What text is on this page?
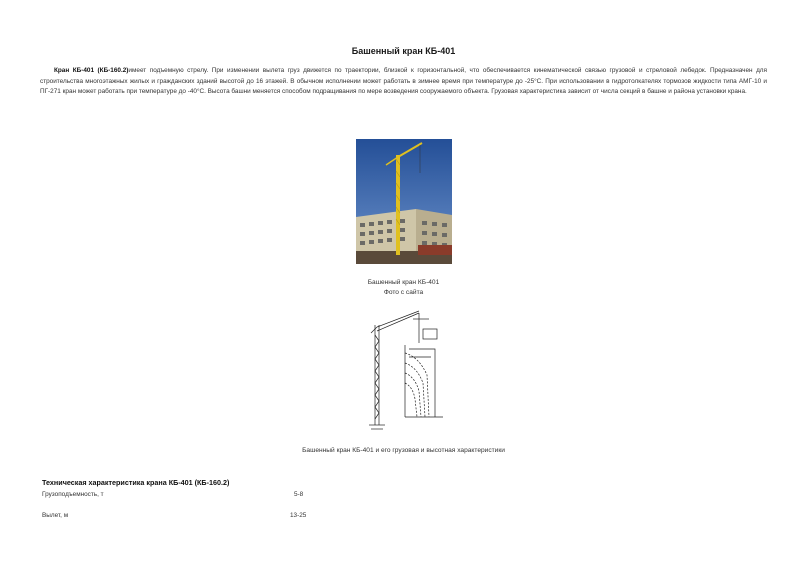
Башенный кран КБ-401
Кран КБ-401 (КБ-160.2)имеет подъемную стрелу. При изменении вылета груз движется по траектории, близкой к горизонтальной, что обеспечивается кинематической связью грузовой и стреловой лебедок. Предназначен для строительства многоэтажных жилых и гражданских зданий высотой до 16 этажей. В обычном исполнении может работать в зимнее время при температуре до -25°С. При использовании в гидротолкателях тормозов жидкости типа АМГ-10 и ПГ-271 кран может работать при температуре до -40°С. Высота башни меняется способом подращивания по мере возведения сооружаемого объекта. Грузовая характеристика зависит от числа секций в башне и района установки крана.
Башенный кран КБ-401
Фото с сайта
Башенный кран КБ-401 и его грузовая и высотная характеристики
Техническая характеристика крана КБ-401 (КБ-160.2)
Грузоподъемность, т	5-8
Вылет, м	13-25
